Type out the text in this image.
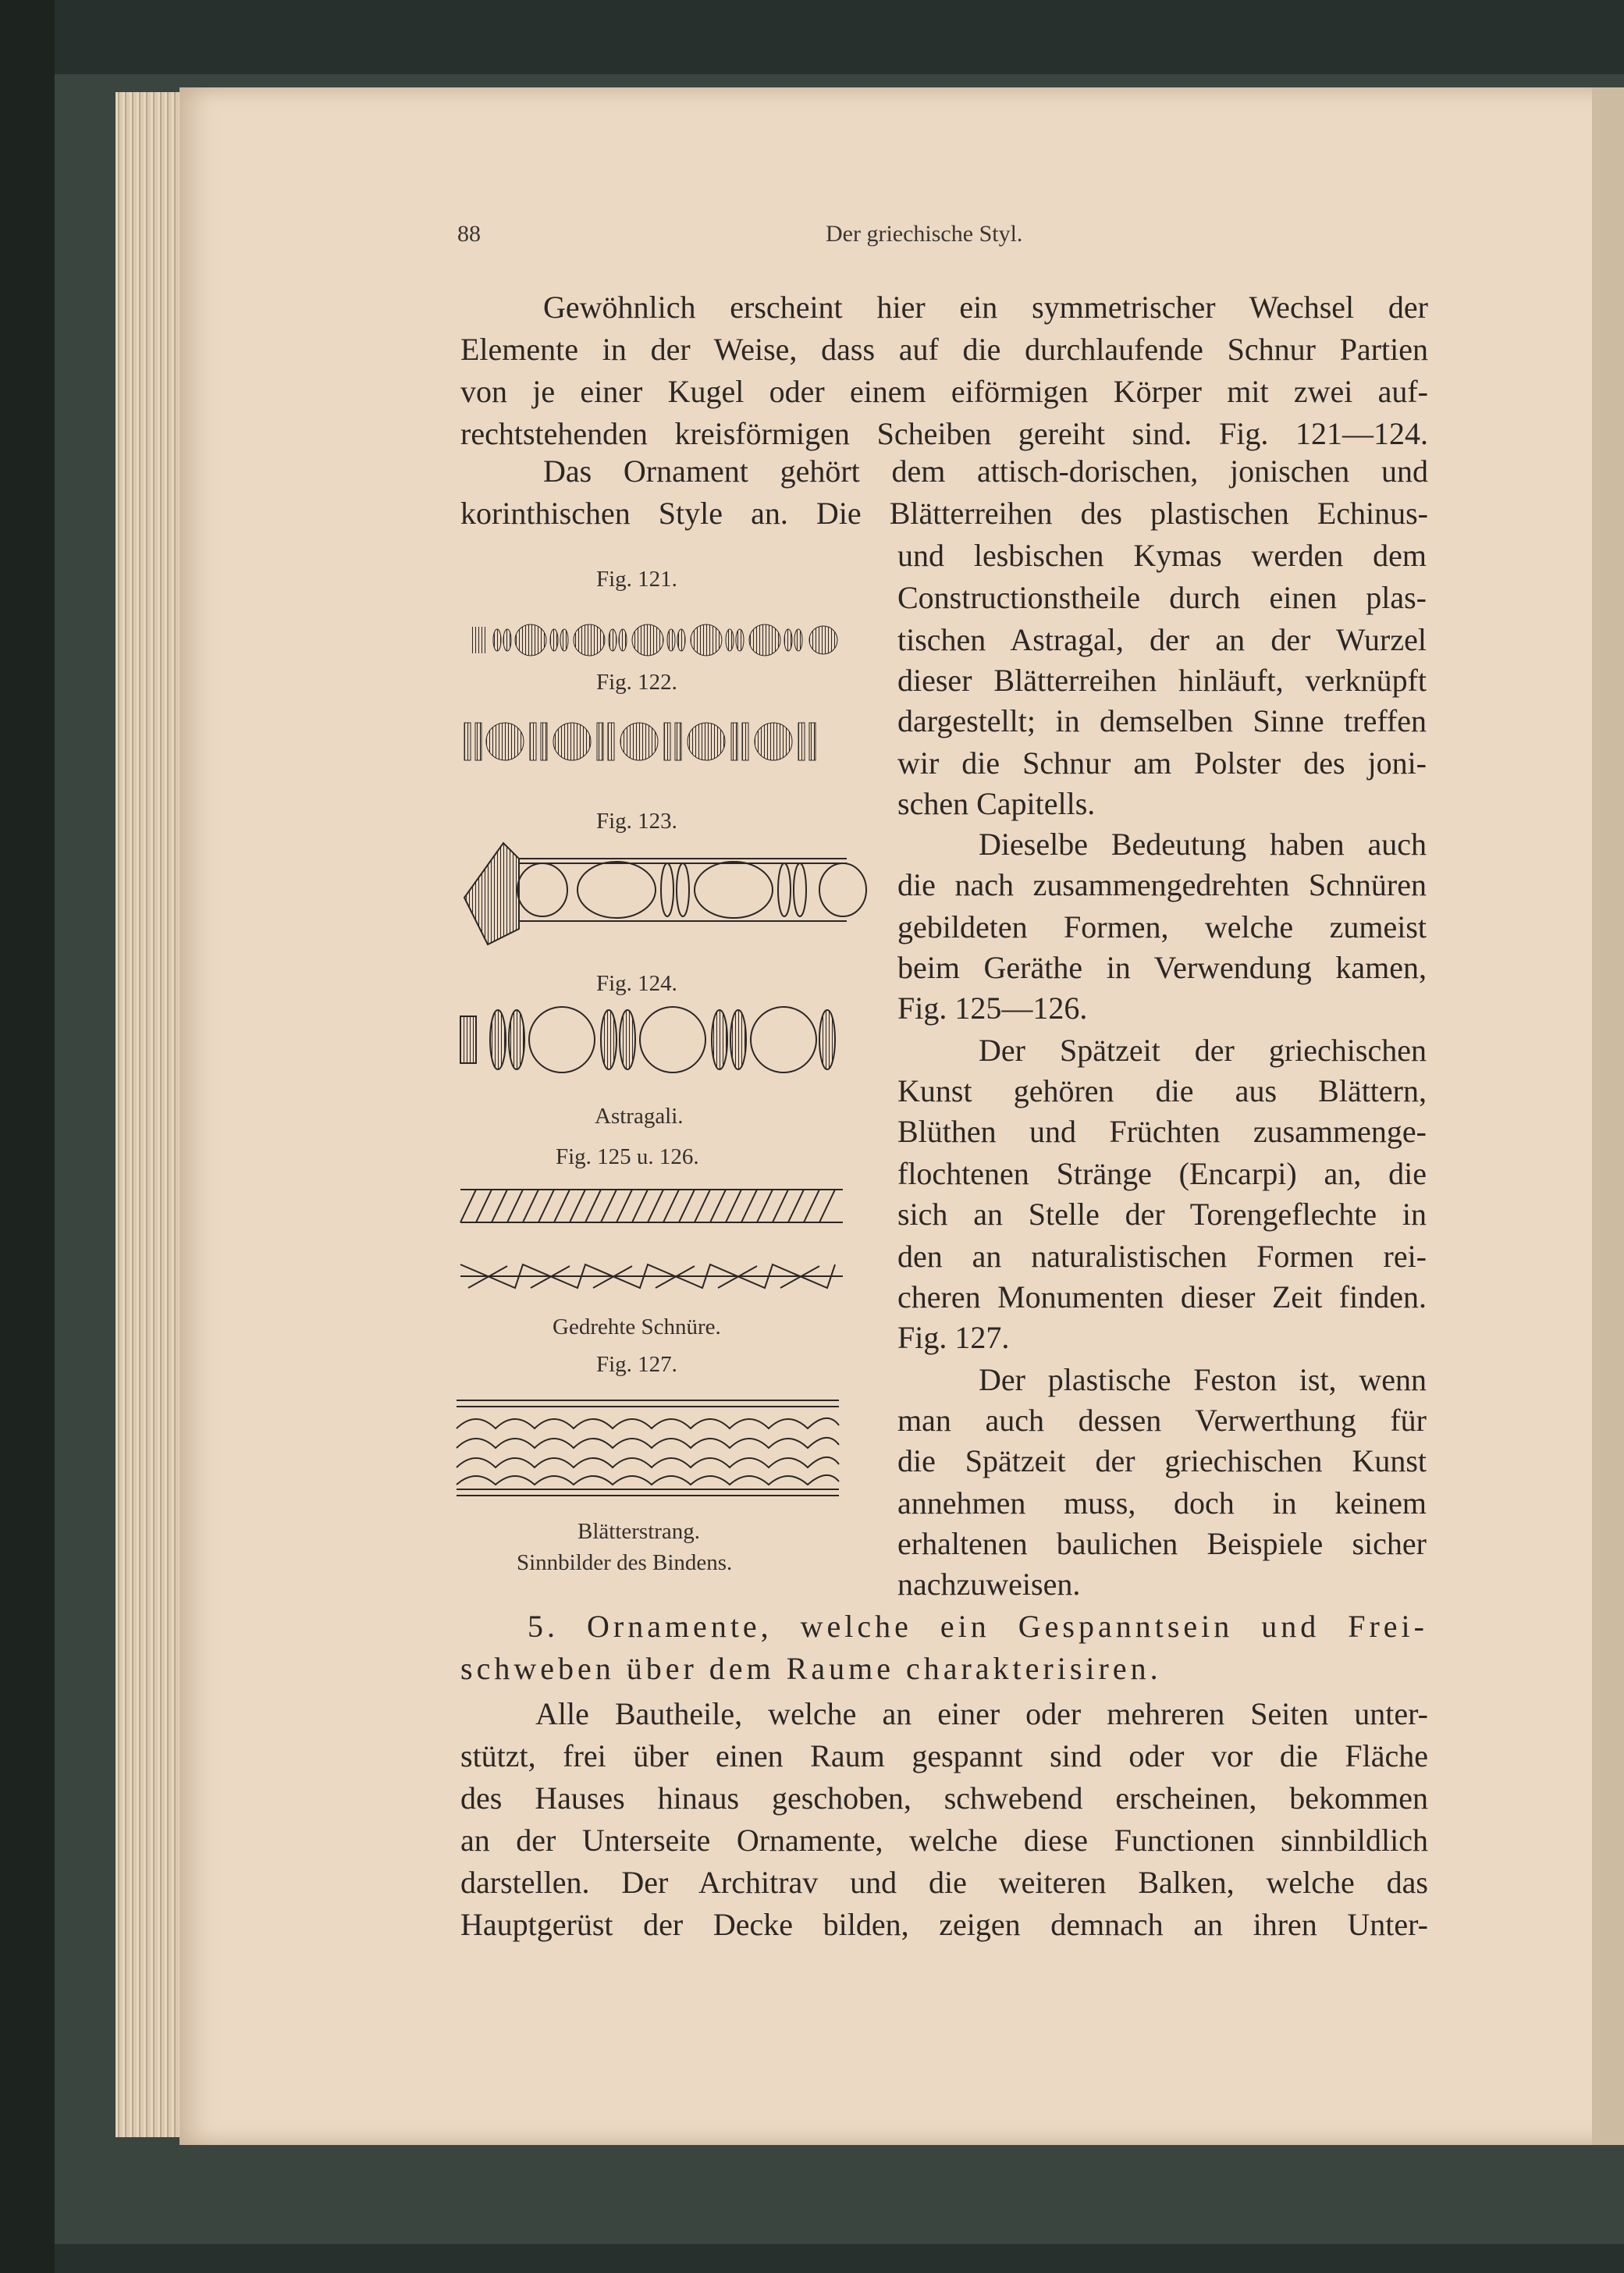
88	Der griechische Styl.
Gewöhnlich erscheint hier ein symmetrischer Wechsel der
Elemente in der Weise, dass auf die durchlaufende Schnur Partien
von je einer Kugel oder einem eiförmigen Körper mit zwei auf-
rechtstehenden kreisförmigen Scheiben gereiht sind. Fig. 121—124.
Das Ornament gehört dem attisch-dorischen, jonischen und
korinthischen Style an. Die Blätterreihen des plastischen Echinus-
und lesbischen Kymas werden dem
Constructionstheile durch einen plas-
tischen Astragal, der an der Wurzel
dieser Blätterreihen hinläuft, verknüpft
dargestellt; in demselben Sinne treffen
wir die Schnur am Polster des joni-
schen Capitells.
Dieselbe Bedeutung haben auch
die nach zusammengedrehten Schnüren
gebildeten Formen, welche zumeist
beim Geräthe in Verwendung kamen,
Fig. 125—126.
Der Spätzeit der griechischen
Kunst gehören die aus Blättern,
Blüthen und Früchten zusammenge-
flochtenen Stränge (Encarpi) an, die
sich an Stelle der Torengeflechte in
den an naturalistischen Formen rei-
cheren Monumenten dieser Zeit finden.
Fig. 127.
Der plastische Feston ist, wenn
man auch dessen Verwerthung für
die Spätzeit der griechischen Kunst
annehmen muss, doch in keinem
erhaltenen baulichen Beispiele sicher
nachzuweisen.
Fig. 121.
Fig. 122.
Fig. 123.
Fig. 124.
Astragali.
Fig. 125 u. 126.
Gedrehte Schnüre.
Fig. 127.
Blätterstrang.
Sinnbilder des Bindens.
5. Ornamente, welche ein Gespanntsein und Frei-
schweben über dem Raume charakterisiren.
Alle Bautheile, welche an einer oder mehreren Seiten unter-
stützt, frei über einen Raum gespannt sind oder vor die Fläche
des Hauses hinaus geschoben, schwebend erscheinen, bekommen
an der Unterseite Ornamente, welche diese Functionen sinnbildlich
darstellen. Der Architrav und die weiteren Balken, welche das
Hauptgerüst der Decke bilden, zeigen demnach an ihren Unter-
